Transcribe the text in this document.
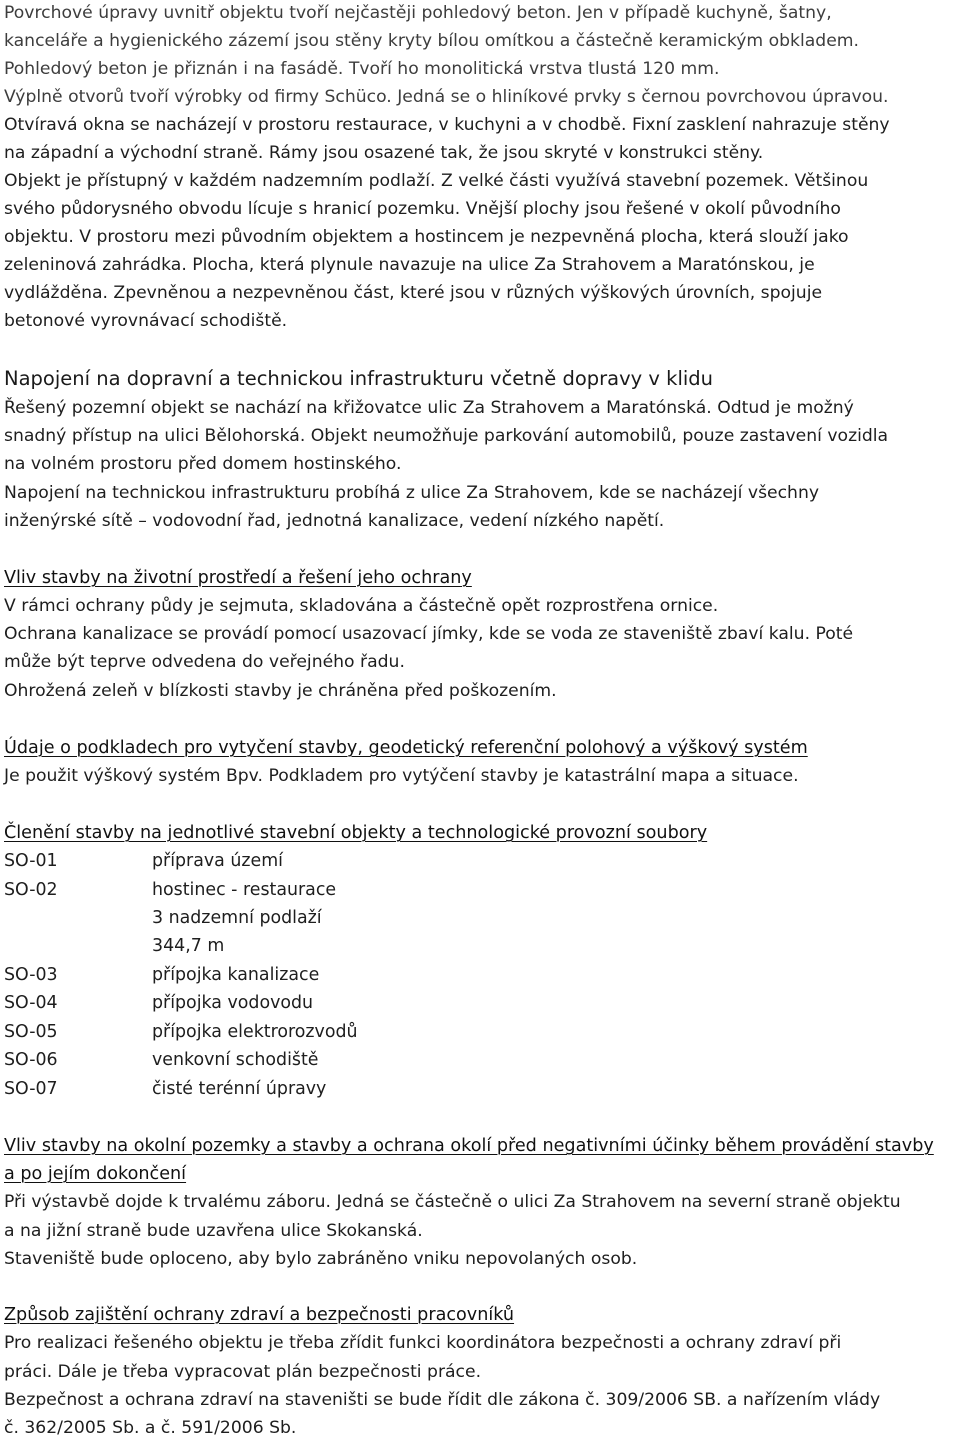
Povrchové úpravy uvnitř objektu tvoří nejčastěji pohledový beton. Jen v případě kuchyně, šatny,
kanceláře a hygienického zázemí jsou stěny kryty bílou omítkou a částečně keramickým obkladem.
Pohledový beton je přiznán i na fasádě. Tvoří ho monolitická vrstva tlustá 120 mm.
Výplně otvorů tvoří výrobky od firmy Schüco. Jedná se o hliníkové prvky s černou povrchovou úpravou.
Otvíravá okna se nacházejí v prostoru restaurace, v kuchyni a v chodbě. Fixní zasklení nahrazuje stěny
na západní a východní straně. Rámy jsou osazené tak, že jsou skryté v konstrukci stěny.
Objekt je přístupný v každém nadzemním podlaží. Z velké části využívá stavební pozemek. Většinou
svého půdorysného obvodu lícuje s hranicí pozemku. Vnější plochy jsou řešené v okolí původního
objektu. V prostoru mezi původním objektem a hostincem je nezpevněná plocha, která slouží jako
zeleninová zahrádka. Plocha, která plynule navazuje na ulice Za Strahovem a Maratónskou, je
vydlážděna. Zpevněnou a nezpevněnou část, které jsou v různých výškových úrovních, spojuje
betonové vyrovnávací schodiště.
Napojení na dopravní a technickou infrastrukturu včetně dopravy v klidu
Řešený pozemní objekt se nachází na křižovatce ulic Za Strahovem a Maratónská. Odtud je možný
snadný přístup na ulici Bělohorská. Objekt neumožňuje parkování automobilů, pouze zastavení vozidla
na volném prostoru před domem hostinského.
Napojení na technickou infrastrukturu probíhá z ulice Za Strahovem, kde se nacházejí všechny
inženýrské sítě – vodovodní řad, jednotná kanalizace, vedení nízkého napětí.
Vliv stavby na životní prostředí a řešení jeho ochrany
V rámci ochrany půdy je sejmuta, skladována a částečně opět rozprostřena ornice.
Ochrana kanalizace se provádí pomocí usazovací jímky, kde se voda ze staveniště zbaví kalu. Poté
může být teprve odvedena do veřejného řadu.
Ohrožená zeleň v blízkosti stavby je chráněna před poškozením.
Údaje o podkladech pro vytyčení stavby, geodetický referenční polohový a výškový systém
Je použit výškový systém Bpv. Podkladem pro vytýčení stavby je katastrální mapa a situace.
Členění stavby na jednotlivé stavební objekty a technologické provozní soubory
SO-01	příprava území
SO-02	hostinec - restaurace
3 nadzemní podlaží
344,7 m
SO-03	přípojka kanalizace
SO-04	přípojka vodovodu
SO-05	přípojka elektrorozvodů
SO-06	venkovní schodiště
SO-07	čisté terénní úpravy
Vliv stavby na okolní pozemky a stavby a ochrana okolí před negativními účinky během provádění stavby
a po jejím dokončení
Při výstavbě dojde k trvalému záboru. Jedná se částečně o ulici Za Strahovem na severní straně objektu
a na jižní straně bude uzavřena ulice Skokanská.
Staveniště bude oploceno, aby bylo zabráněno vniku nepovolaných osob.
Způsob zajištění ochrany zdraví a bezpečnosti pracovníků
Pro realizaci řešeného objektu je třeba zřídit funkci koordinátora bezpečnosti a ochrany zdraví při
práci. Dále je třeba vypracovat plán bezpečnosti práce.
Bezpečnost a ochrana zdraví na staveništi se bude řídit dle zákona č. 309/2006 SB. a nařízením vlády
č. 362/2005 Sb. a č. 591/2006 Sb.
